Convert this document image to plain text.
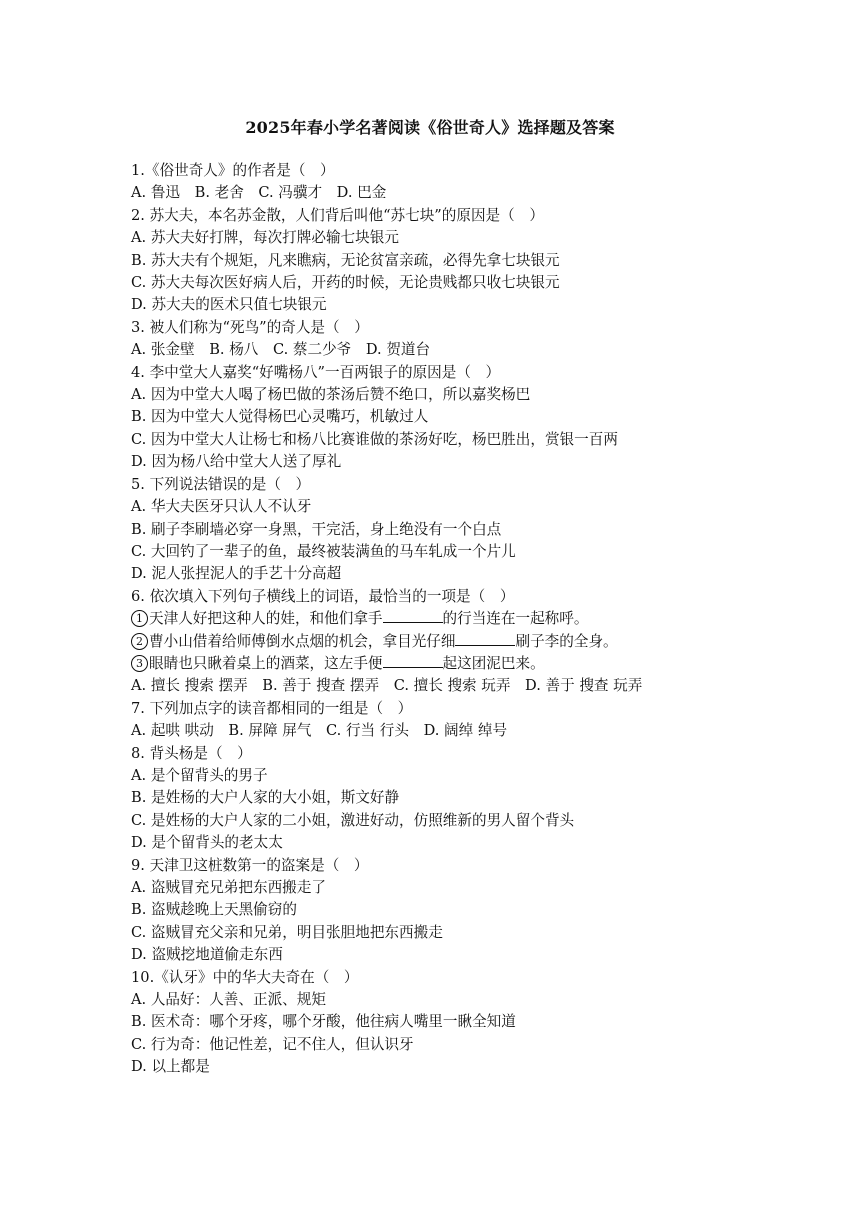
2025年春小学名著阅读《俗世奇人》选择题及答案
1.《俗世奇人》的作者是（　）
A. 鲁迅　B. 老舍　C. 冯骥才　D. 巴金
2. 苏大夫，本名苏金散，人们背后叫他“苏七块”的原因是（　）
A. 苏大夫好打牌，每次打牌必输七块银元
B. 苏大夫有个规矩，凡来瞧病，无论贫富亲疏，必得先拿七块银元
C. 苏大夫每次医好病人后，开药的时候，无论贵贱都只收七块银元
D. 苏大夫的医术只值七块银元
3. 被人们称为“死鸟”的奇人是（　）
A. 张金壁　B. 杨八　C. 蔡二少爷　D. 贺道台
4. 李中堂大人嘉奖“好嘴杨八”一百两银子的原因是（　）
A. 因为中堂大人喝了杨巴做的茶汤后赞不绝口，所以嘉奖杨巴
B. 因为中堂大人觉得杨巴心灵嘴巧，机敏过人
C. 因为中堂大人让杨七和杨八比赛谁做的茶汤好吃，杨巴胜出，赏银一百两
D. 因为杨八给中堂大人送了厚礼
5. 下列说法错误的是（　）
A. 华大夫医牙只认人不认牙
B. 刷子李刷墙必穿一身黑，干完活，身上绝没有一个白点
C. 大回钓了一辈子的鱼，最终被装满鱼的马车轧成一个片儿
D. 泥人张捏泥人的手艺十分高超
6. 依次填入下列句子横线上的词语，最恰当的一项是（　）
1 天津人好把这种人的娃，和他们拿手	的行当连在一起称呼。
2 曹小山借着给师傅倒水点烟的机会，拿目光仔细	刷子李的全身。
3 眼睛也只瞅着桌上的酒菜，这左手便	起这团泥巴来。
A. 擅长 搜索 摆弄　B. 善于 搜查 摆弄　C. 擅长 搜索 玩弄　D. 善于 搜查 玩弄
7. 下列加点字的读音都相同的一组是（　）
A. 起哄 哄动　B. 屏障 屏气　C. 行当 行头　D. 阔绰 绰号
8. 背头杨是（　）
A. 是个留背头的男子
B. 是姓杨的大户人家的大小姐，斯文好静
C. 是姓杨的大户人家的二小姐，激进好动，仿照维新的男人留个背头
D. 是个留背头的老太太
9. 天津卫这桩数第一的盗案是（　）
A. 盗贼冒充兄弟把东西搬走了
B. 盗贼趁晚上天黑偷窃的
C. 盗贼冒充父亲和兄弟，明目张胆地把东西搬走
D. 盗贼挖地道偷走东西
10.《认牙》中的华大夫奇在（　）
A. 人品好：人善、正派、规矩
B. 医术奇：哪个牙疼，哪个牙酸，他往病人嘴里一瞅全知道
C. 行为奇：他记性差，记不住人，但认识牙
D. 以上都是
